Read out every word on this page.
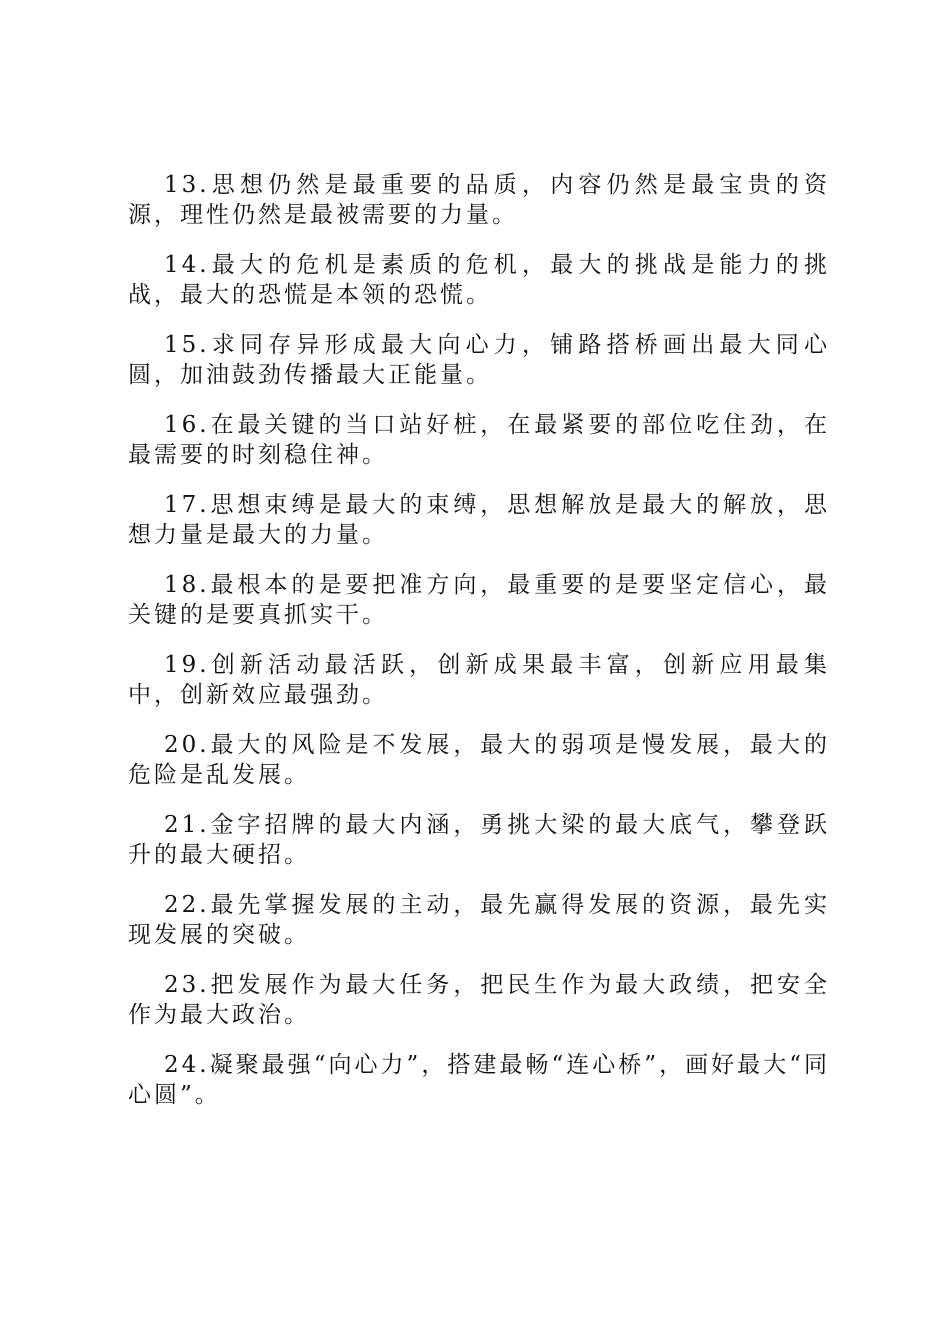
13.思想仍然是最重要的品质，内容仍然是最宝贵的资源，理性仍然是最被需要的力量。

14.最大的危机是素质的危机，最大的挑战是能力的挑战，最大的恐慌是本领的恐慌。

15.求同存异形成最大向心力，铺路搭桥画出最大同心圆，加油鼓劲传播最大正能量。

16.在最关键的当口站好桩，在最紧要的部位吃住劲，在最需要的时刻稳住神。

17.思想束缚是最大的束缚，思想解放是最大的解放，思想力量是最大的力量。

18.最根本的是要把准方向，最重要的是要坚定信心，最关键的是要真抓实干。

19.创新活动最活跃，创新成果最丰富，创新应用最集中，创新效应最强劲。

20.最大的风险是不发展，最大的弱项是慢发展，最大的危险是乱发展。

21.金字招牌的最大内涵，勇挑大梁的最大底气，攀登跃升的最大硬招。

22.最先掌握发展的主动，最先赢得发展的资源，最先实现发展的突破。

23.把发展作为最大任务，把民生作为最大政绩，把安全作为最大政治。

24.凝聚最强“向心力”，搭建最畅“连心桥”，画好最大“同心圆”。
